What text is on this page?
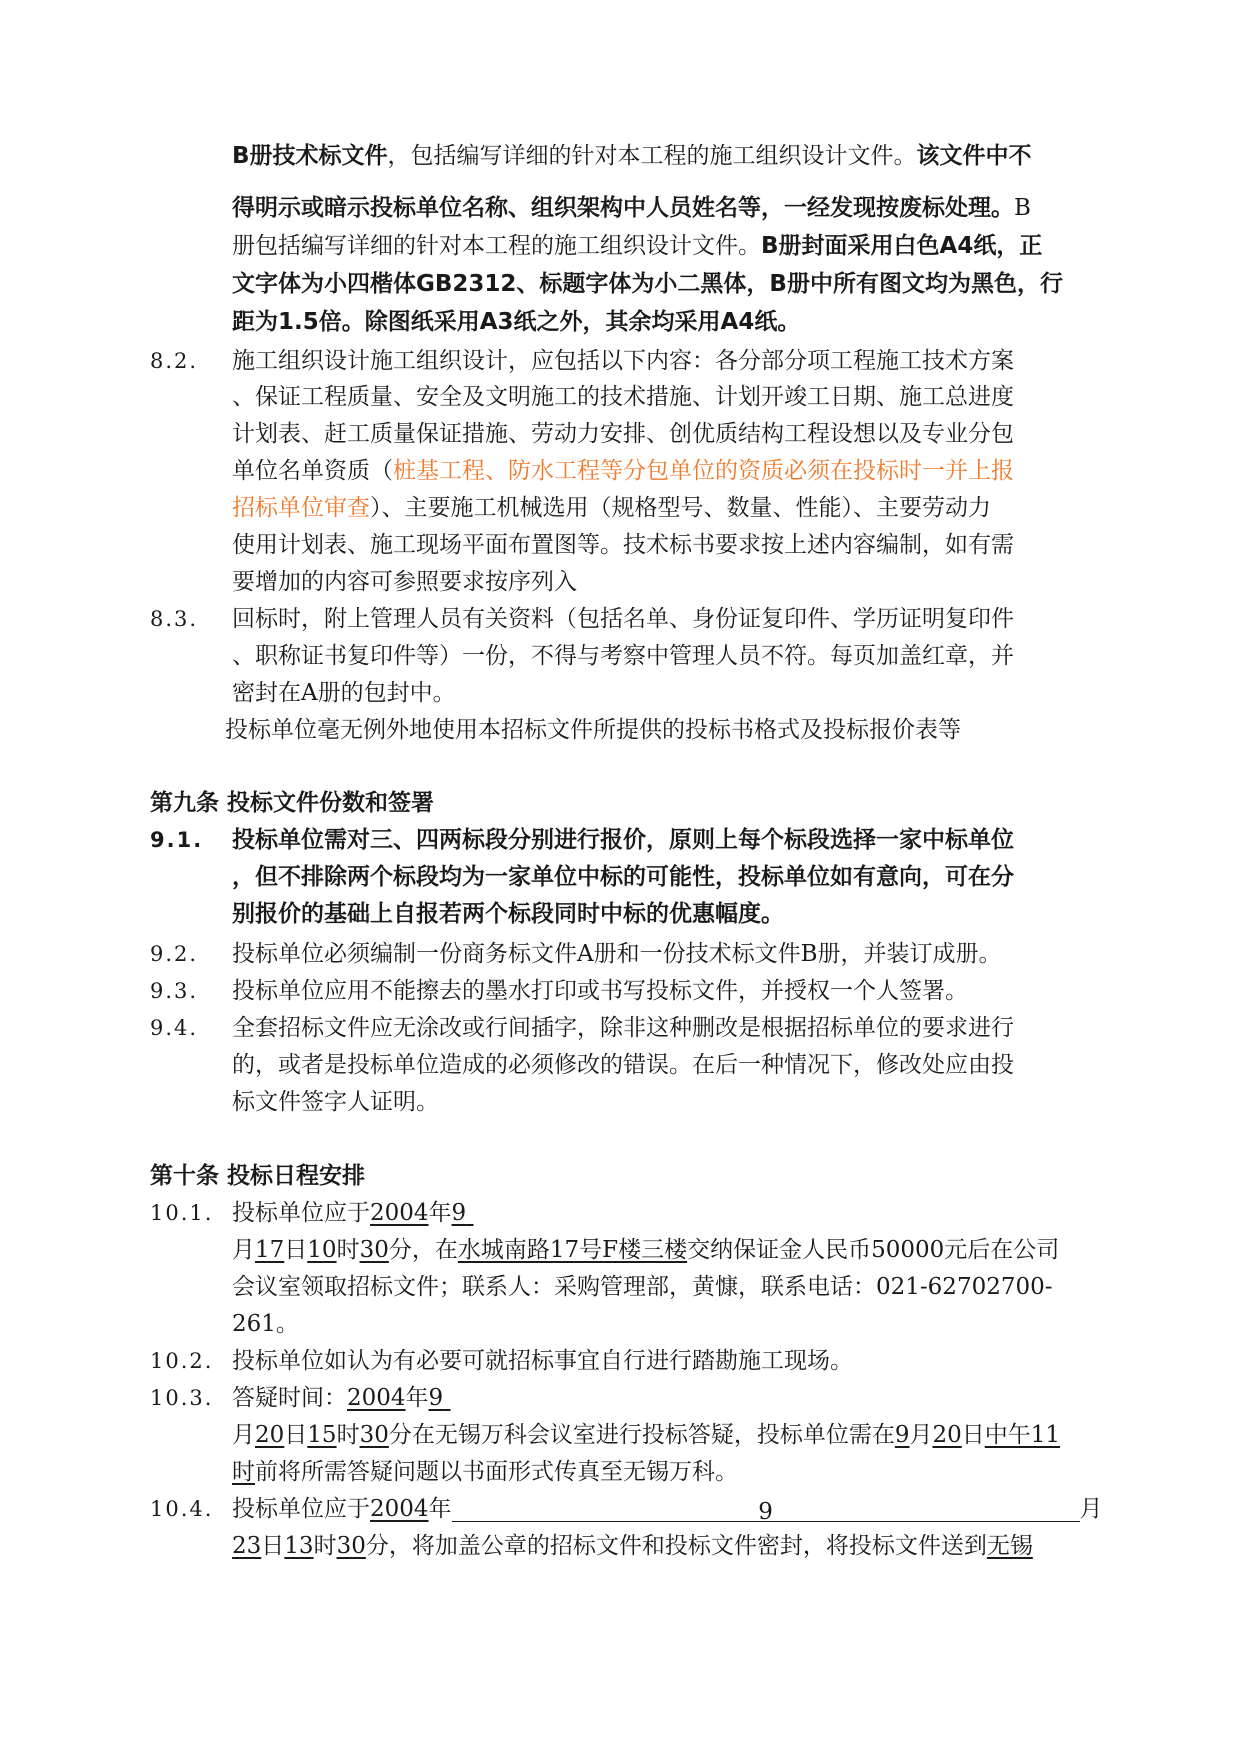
B册技术标文件，包括编写详细的针对本工程的施工组织设计文件。该文件中不
得明示或暗示投标单位名称、组织架构中人员姓名等，一经发现按废标处理。B
册包括编写详细的针对本工程的施工组织设计文件。B册封面采用白色A4纸，正
文字体为小四楷体GB2312、标题字体为小二黑体，B册中所有图文均为黑色，行
距为1.5倍。除图纸采用A3纸之外，其余均采用A4纸。
8.2. 施工组织设计施工组织设计，应包括以下内容：各分部分项工程施工技术方案
、保证工程质量、安全及文明施工的技术措施、计划开竣工日期、施工总进度
计划表、赶工质量保证措施、劳动力安排、创优质结构工程设想以及专业分包
单位名单资质（桩基工程、防水工程等分包单位的资质必须在投标时一并上报
招标单位审查）、主要施工机械选用（规格型号、数量、性能）、主要劳动力
使用计划表、施工现场平面布置图等。技术标书要求按上述内容编制，如有需
要增加的内容可参照要求按序列入
8.3. 回标时，附上管理人员有关资料（包括名单、身份证复印件、学历证明复印件
、职称证书复印件等）一份，不得与考察中管理人员不符。每页加盖红章，并
密封在A册的包封中。
投标单位毫无例外地使用本招标文件所提供的投标书格式及投标报价表等
第九条 投标文件份数和签署
9.1. 投标单位需对三、四两标段分别进行报价，原则上每个标段选择一家中标单位
，但不排除两个标段均为一家单位中标的可能性，投标单位如有意向，可在分
别报价的基础上自报若两个标段同时中标的优惠幅度。
9.2. 投标单位必须编制一份商务标文件A册和一份技术标文件B册，并装订成册。
9.3. 投标单位应用不能擦去的墨水打印或书写投标文件，并授权一个人签署。
9.4. 全套招标文件应无涂改或行间插字，除非这种删改是根据招标单位的要求进行
的，或者是投标单位造成的必须修改的错误。在后一种情况下，修改处应由投
标文件签字人证明。
第十条 投标日程安排
10.1. 投标单位应于2004年9
月17日10时30分，在水城南路17号F楼三楼交纳保证金人民币50000元后在公司
会议室领取招标文件；联系人：采购管理部，黄慷，联系电话：021-62702700-
261。
10.2. 投标单位如认为有必要可就招标事宜自行进行踏勘施工现场。
10.3. 答疑时间：2004年9
月20日15时30分在无锡万科会议室进行投标答疑，投标单位需在9月20日中午11
时前将所需答疑问题以书面形式传真至无锡万科。
10.4. 投标单位应于2004年	9	月
23日13时30分，将加盖公章的招标文件和投标文件密封，将投标文件送到无锡
